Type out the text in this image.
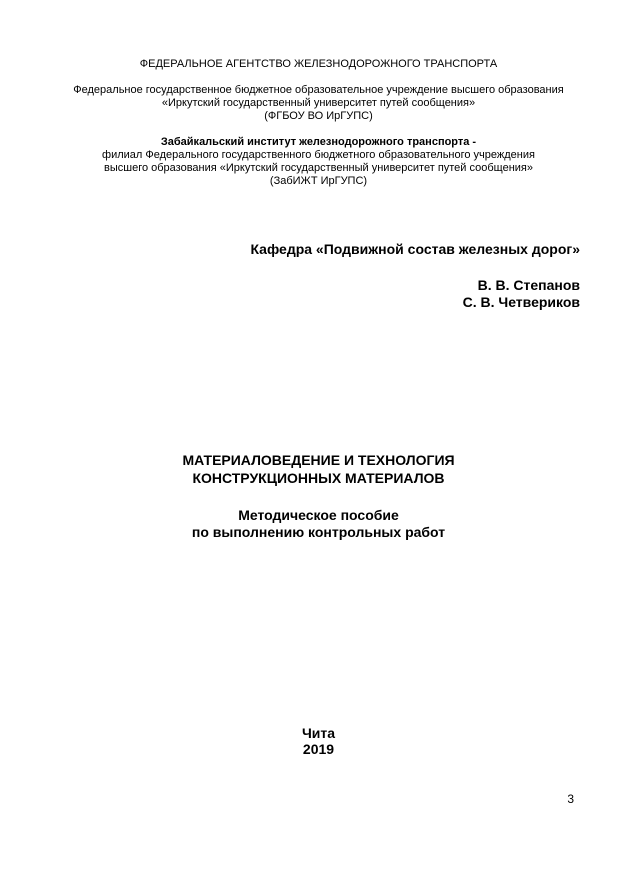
ФЕДЕРАЛЬНОЕ АГЕНТСТВО ЖЕЛЕЗНОДОРОЖНОГО ТРАНСПОРТА

Федеральное государственное бюджетное образовательное учреждение высшего образования
«Иркутский государственный университет путей сообщения»
(ФГБОУ ВО ИрГУПС)

Забайкальский институт железнодорожного транспорта -
филиал Федерального государственного бюджетного образовательного учреждения
высшего образования «Иркутский государственный университет путей сообщения»
(ЗабИЖТ ИрГУПС)

Кафедра «Подвижной состав железных дорог»
В. В. Степанов
С. В. Четвериков
МАТЕРИАЛОВЕДЕНИЕ И ТЕХНОЛОГИЯ
КОНСТРУКЦИОННЫХ МАТЕРИАЛОВ
Методическое пособие
по выполнению контрольных работ
Чита
2019
3
